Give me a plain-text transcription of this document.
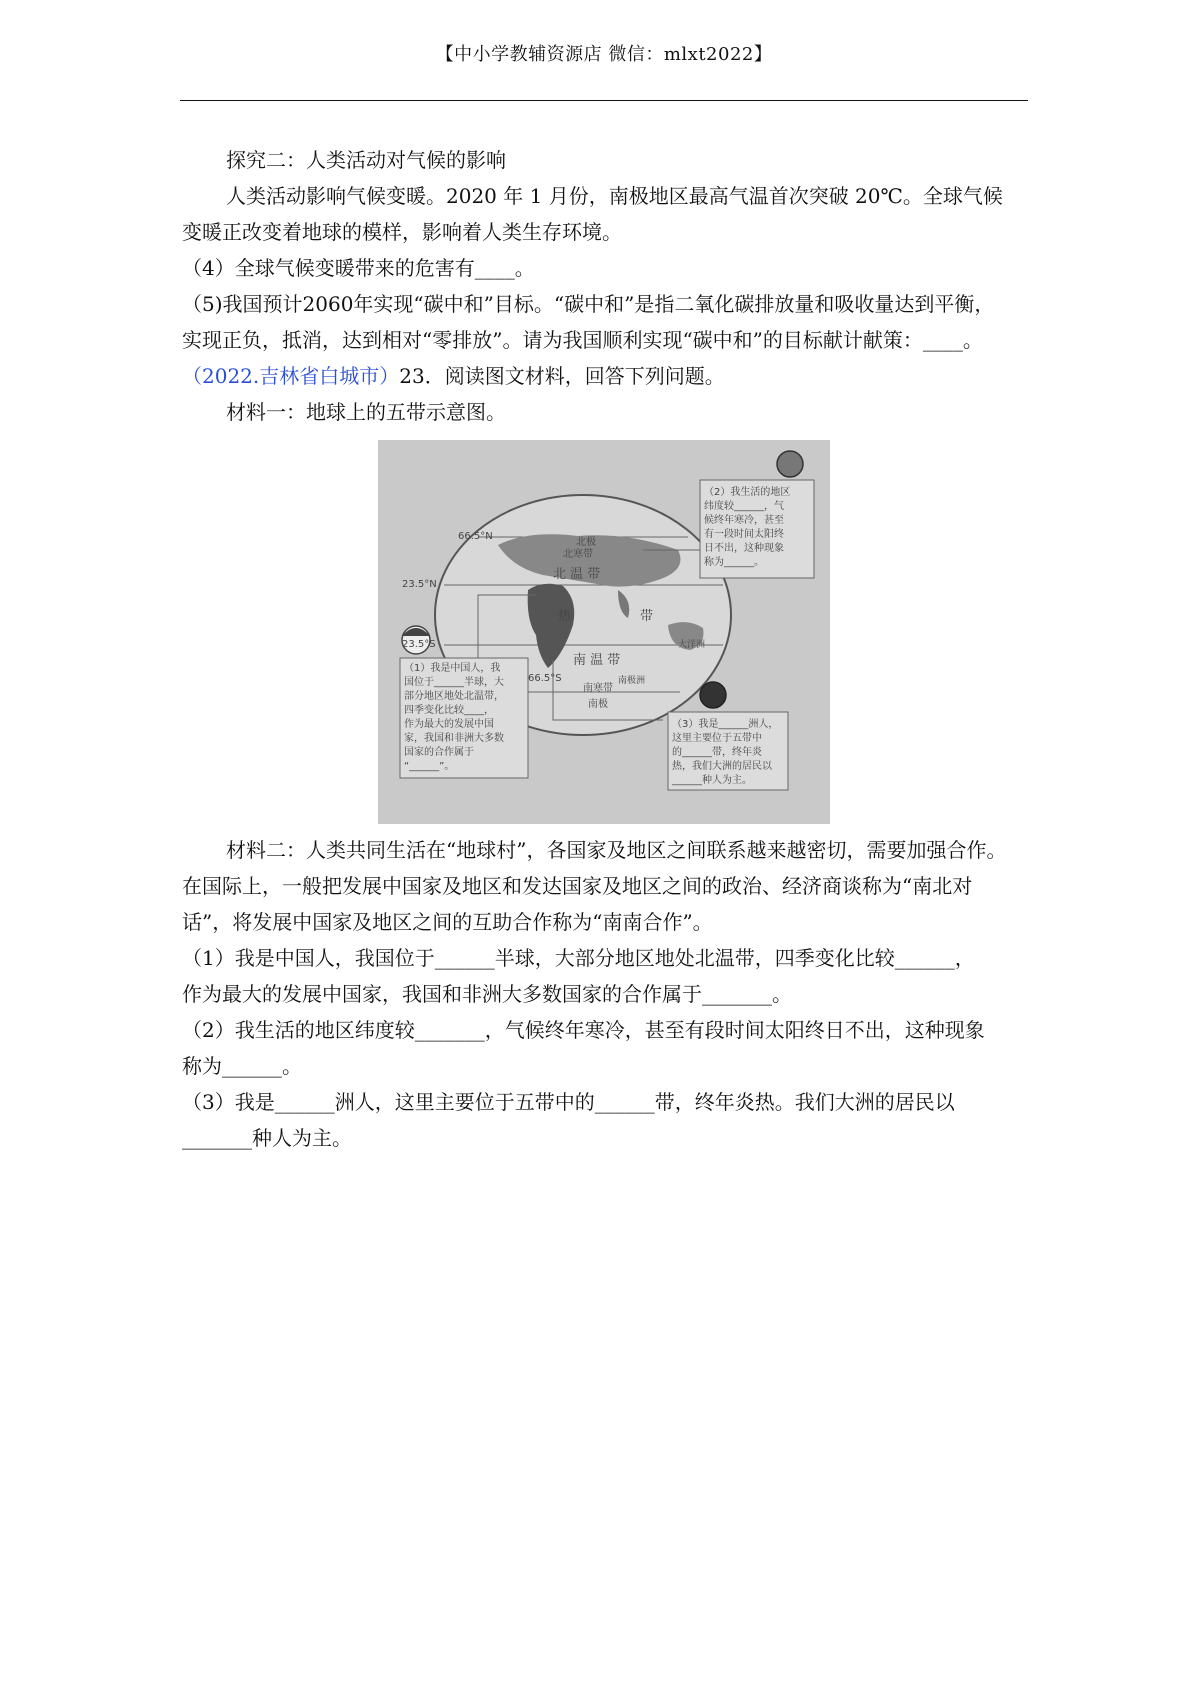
【中小学教辅资源店 微信：mlxt2022】

探究二：人类活动对气候的影响

人类活动影响气候变暖。2020 年 1 月份，南极地区最高气温首次突破 20℃。全球气候

变暖正改变着地球的模样，影响着人类生存环境。

（4）全球气候变暖带来的危害有____。

（5)我国预计2060年实现“碳中和”目标。“碳中和”是指二氧化碳排放量和吸收量达到平衡，

实现正负，抵消，达到相对“零排放”。请为我国顺利实现“碳中和”的目标献计献策：____。

（2022.吉林省白城市）23．阅读图文材料，回答下列问题。

材料一：地球上的五带示意图。

北极
北寒带
北 温 带
热	带
南 温 带
南寒带
南极
66.5°N
23.5°N
23.5°S
66.5°S
大洋洲
南极洲
（1）我是中国人，我
国位于______半球，大
部分地区地处北温带，
四季变化比较____，
作为最大的发展中国
家，我国和非洲大多数
国家的合作属于
“______”。
（2）我生活的地区
纬度较______，气
候终年寒冷，甚至
有一段时间太阳终
日不出，这种现象
称为______。
（3）我是______洲人，
这里主要位于五带中
的______带，终年炎
热，我们大洲的居民以
______种人为主。

材料二：人类共同生活在“地球村”，各国家及地区之间联系越来越密切，需要加强合作。

在国际上，一般把发展中国家及地区和发达国家及地区之间的政治、经济商谈称为“南北对

话”，将发展中国家及地区之间的互助合作称为“南南合作”。

（1）我是中国人，我国位于______半球，大部分地区地处北温带，四季变化比较______，

作为最大的发展中国家，我国和非洲大多数国家的合作属于_______。

（2）我生活的地区纬度较_______，气候终年寒冷，甚至有段时间太阳终日不出，这种现象

称为______。

（3）我是______洲人，这里主要位于五带中的______带，终年炎热。我们大洲的居民以

_______种人为主。
